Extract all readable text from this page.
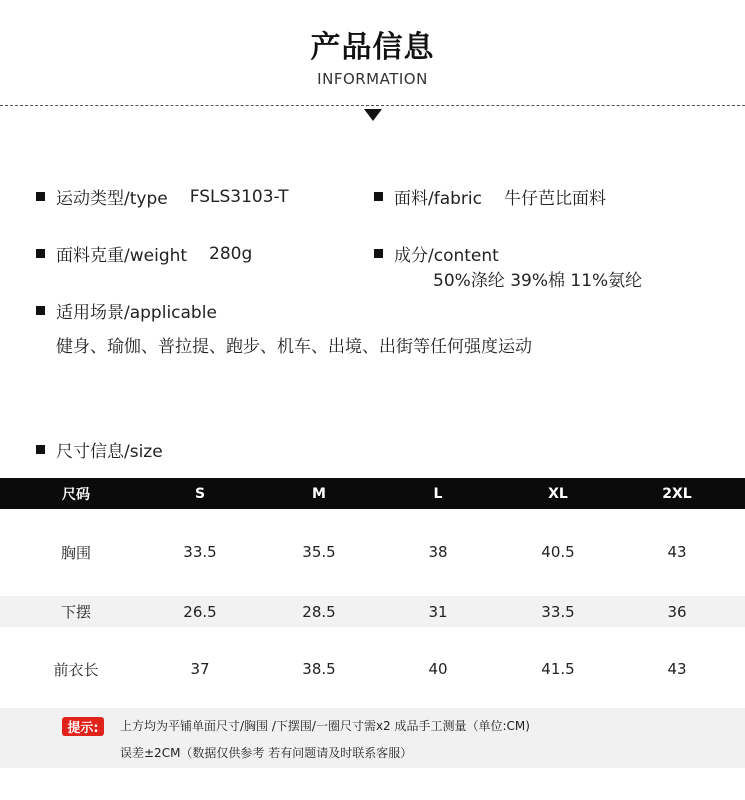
产品信息
INFORMATION
运动类型/type FSLS3103-T	面料/fabric 牛仔芭比面料
面料克重/weight 280g	成分/content
50%涤纶 39%棉 11%氨纶
适用场景/applicable
健身、瑜伽、普拉提、跑步、机车、出境、出街等任何强度运动
尺寸信息/size
尺码	S	M	L	XL	2XL
胸围	33.5	35.5	38	40.5	43
下摆	26.5	28.5	31	33.5	36
前衣长	37	38.5	40	41.5	43
提示:	上方均为平铺单面尺寸/胸围 /下摆围/一圈尺寸需x2 成品手工测量（单位:CM)
误差±2CM（数据仅供参考 若有问题请及时联系客服）
